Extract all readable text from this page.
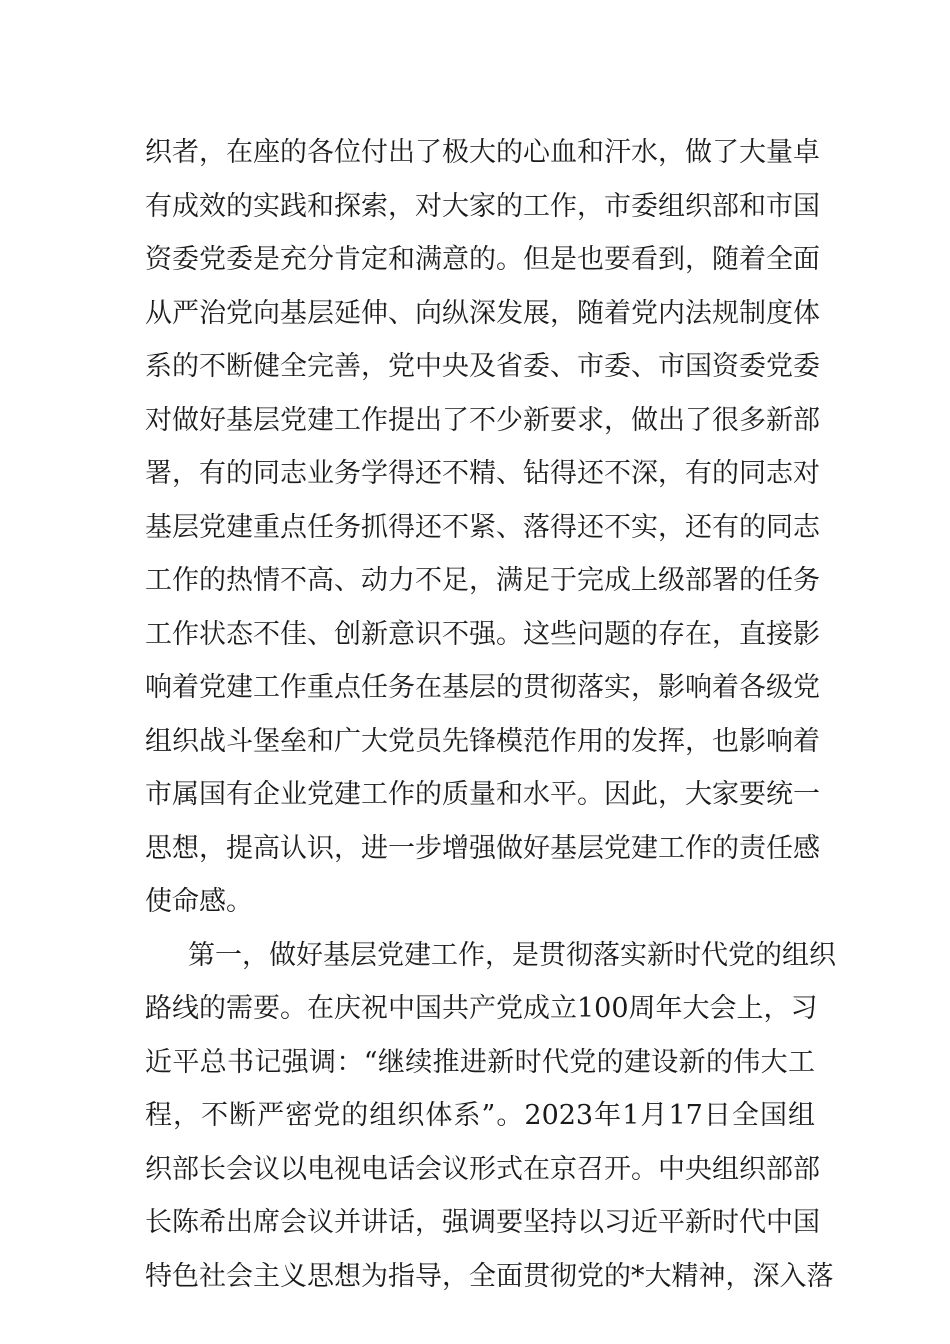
织者，在座的各位付出了极大的心血和汗水，做了大量卓
有成效的实践和探索，对大家的工作，市委组织部和市国
资委党委是充分肯定和满意的。但是也要看到，随着全面
从严治党向基层延伸、向纵深发展，随着党内法规制度体
系的不断健全完善，党中央及省委、市委、市国资委党委
对做好基层党建工作提出了不少新要求，做出了很多新部
署，有的同志业务学得还不精、钻得还不深，有的同志对
基层党建重点任务抓得还不紧、落得还不实，还有的同志
工作的热情不高、动力不足，满足于完成上级部署的任务
工作状态不佳、创新意识不强。这些问题的存在，直接影
响着党建工作重点任务在基层的贯彻落实，影响着各级党
组织战斗堡垒和广大党员先锋模范作用的发挥，也影响着
市属国有企业党建工作的质量和水平。因此，大家要统一
思想，提高认识，进一步增强做好基层党建工作的责任感
使命感。
第一，做好基层党建工作，是贯彻落实新时代党的组织
路线的需要。在庆祝中国共产党成立100周年大会上，习
近平总书记强调：“继续推进新时代党的建设新的伟大工
程，不断严密党的组织体系”。2023年1月17日全国组
织部长会议以电视电话会议形式在京召开。中央组织部部
长陈希出席会议并讲话，强调要坚持以习近平新时代中国
特色社会主义思想为指导，全面贯彻党的*大精神，深入落
